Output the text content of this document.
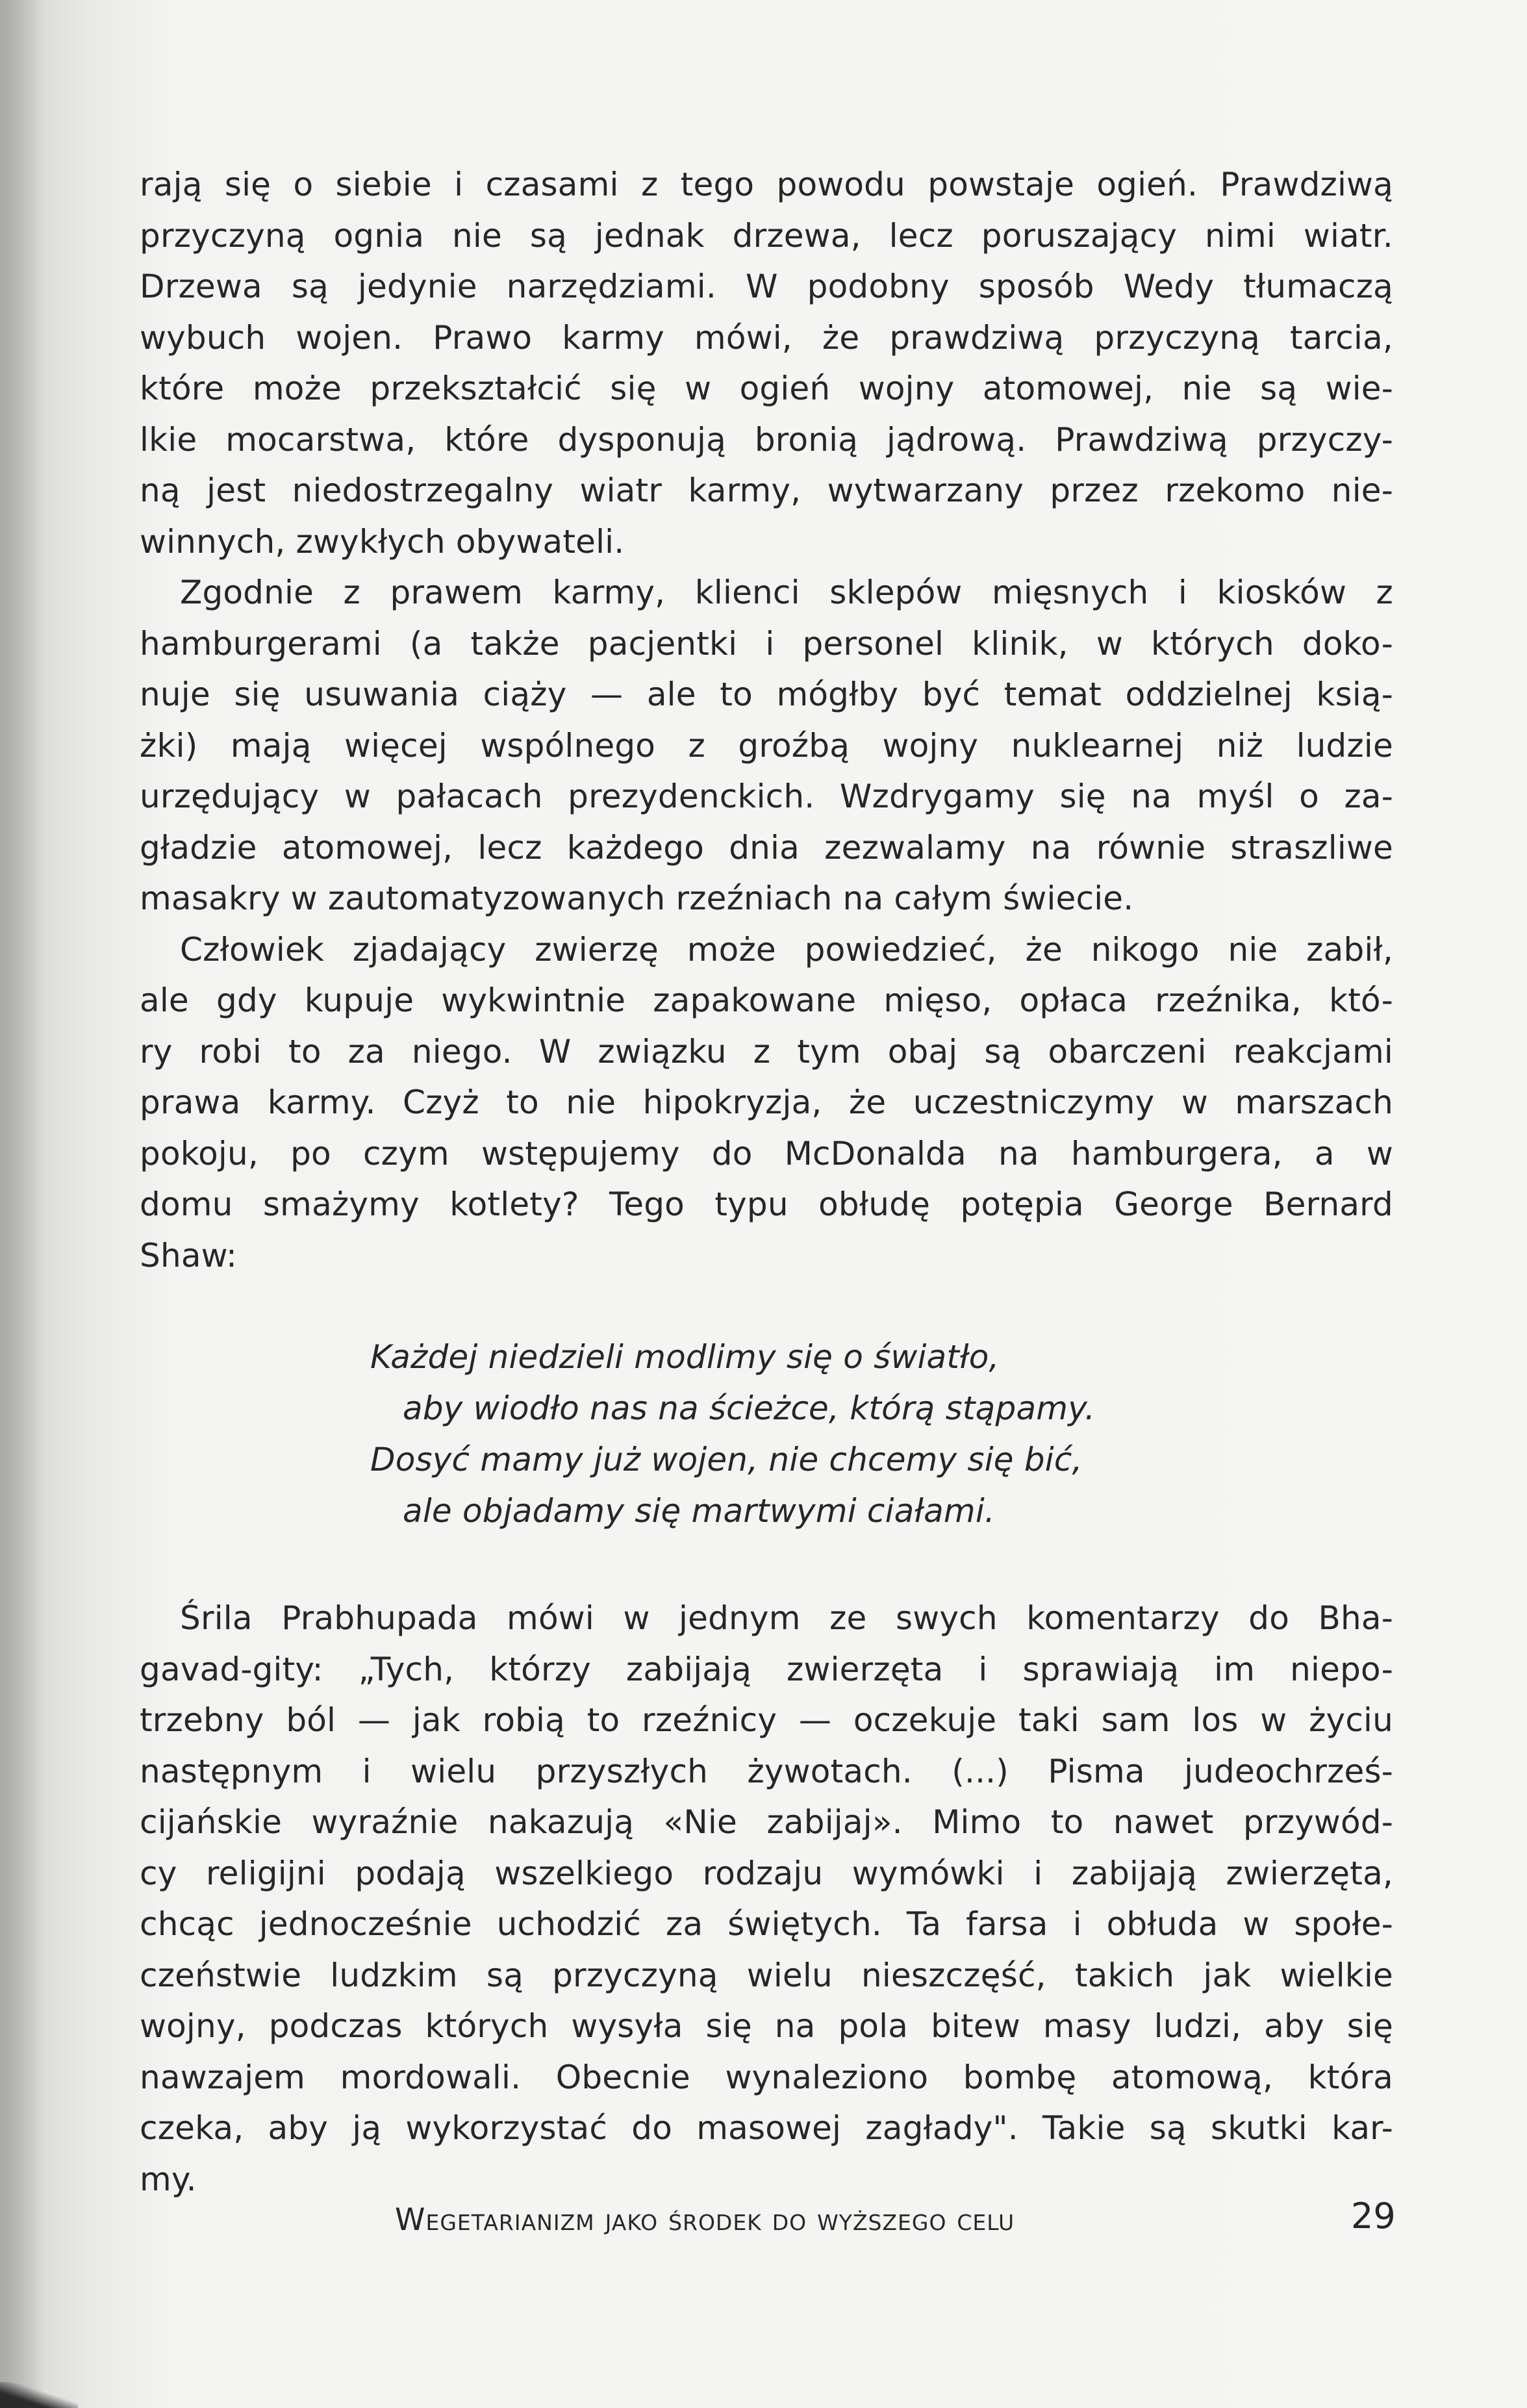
rają się o siebie i czasami z tego powodu powstaje ogień. Prawdziwą
przyczyną ognia nie są jednak drzewa, lecz poruszający nimi wiatr.
Drzewa są jedynie narzędziami. W podobny sposób Wedy tłumaczą
wybuch wojen. Prawo karmy mówi, że prawdziwą przyczyną tarcia,
które może przekształcić się w ogień wojny atomowej, nie są wie-
lkie mocarstwa, które dysponują bronią jądrową. Prawdziwą przyczy-
ną jest niedostrzegalny wiatr karmy, wytwarzany przez rzekomo nie-
winnych, zwykłych obywateli.

Zgodnie z prawem karmy, klienci sklepów mięsnych i kiosków z
hamburgerami (a także pacjentki i personel klinik, w których doko-
nuje się usuwania ciąży — ale to mógłby być temat oddzielnej ksią-
żki) mają więcej wspólnego z groźbą wojny nuklearnej niż ludzie
urzędujący w pałacach prezydenckich. Wzdrygamy się na myśl o za-
gładzie atomowej, lecz każdego dnia zezwalamy na równie straszliwe
masakry w zautomatyzowanych rzeźniach na całym świecie.

Człowiek zjadający zwierzę może powiedzieć, że nikogo nie zabił,
ale gdy kupuje wykwintnie zapakowane mięso, opłaca rzeźnika, któ-
ry robi to za niego. W związku z tym obaj są obarczeni reakcjami
prawa karmy. Czyż to nie hipokryzja, że uczestniczymy w marszach
pokoju, po czym wstępujemy do McDonalda na hamburgera, a w
domu smażymy kotlety? Tego typu obłudę potępia George Bernard
Shaw:

Każdej niedzieli modlimy się o światło,
aby wiodło nas na ścieżce, którą stąpamy.
Dosyć mamy już wojen, nie chcemy się bić,
ale objadamy się martwymi ciałami.

Śrila Prabhupada mówi w jednym ze swych komentarzy do Bha-
gavad-gity: „Tych, którzy zabijają zwierzęta i sprawiają im niepo-
trzebny ból — jak robią to rzeźnicy — oczekuje taki sam los w życiu
następnym i wielu przyszłych żywotach. (...) Pisma judeochrześ-
cijańskie wyraźnie nakazują «Nie zabijaj». Mimo to nawet przywód-
cy religijni podają wszelkiego rodzaju wymówki i zabijają zwierzęta,
chcąc jednocześnie uchodzić za świętych. Ta farsa i obłuda w społe-
czeństwie ludzkim są przyczyną wielu nieszczęść, takich jak wielkie
wojny, podczas których wysyła się na pola bitew masy ludzi, aby się
nawzajem mordowali. Obecnie wynaleziono bombę atomową, która
czeka, aby ją wykorzystać do masowej zagłady". Takie są skutki kar-
my.

Wegetarianizm jako środek do wyższego celu	29
